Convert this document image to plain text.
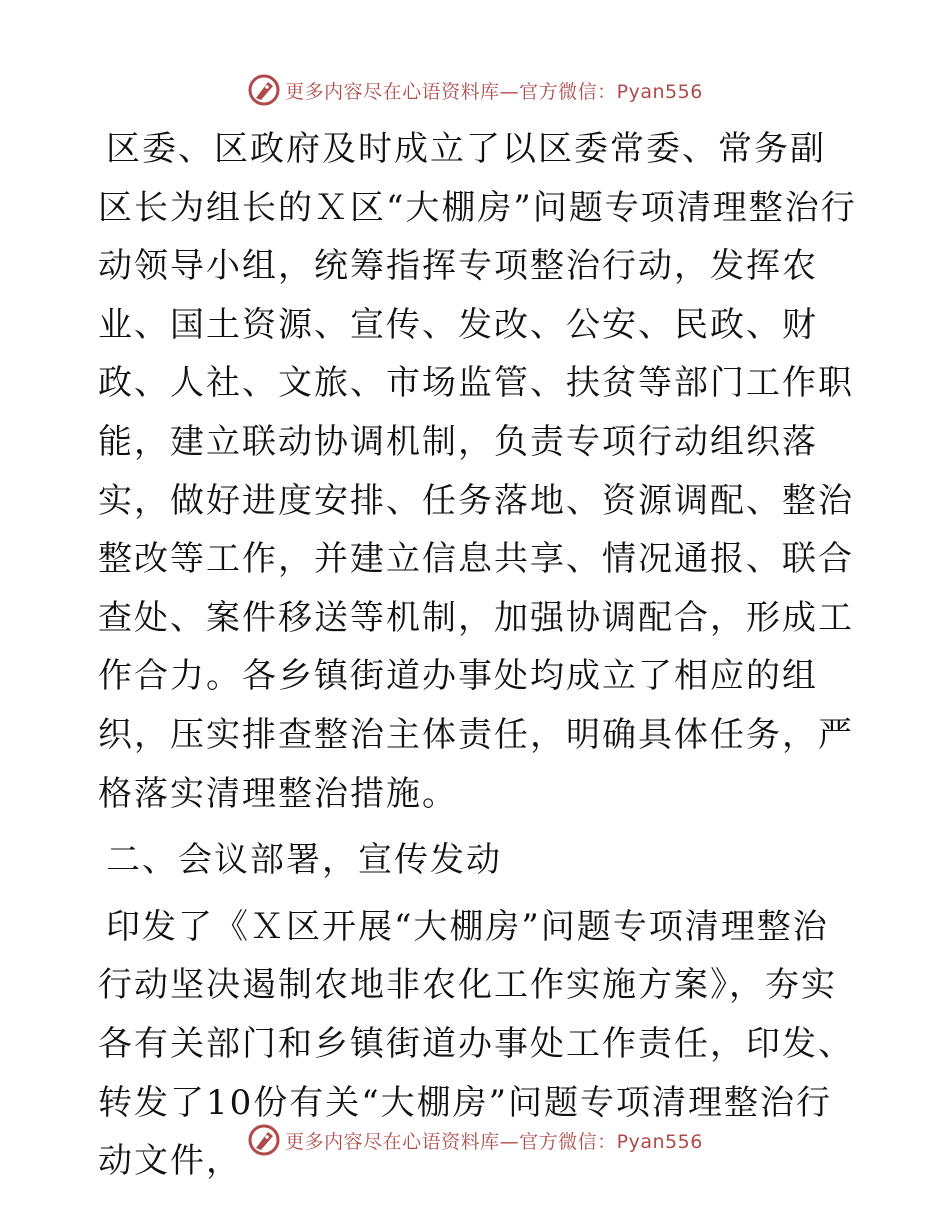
更多内容尽在心语资料库—官方微信：Pyan556

区委、区政府及时成立了以区委常委、常务副区长为组长的Ｘ区“大棚房”问题专项清理整治行动领导小组，统筹指挥专项整治行动，发挥农业、国土资源、宣传、发改、公安、民政、财政、人社、文旅、市场监管、扶贫等部门工作职能，建立联动协调机制，负责专项行动组织落实，做好进度安排、任务落地、资源调配、整治整改等工作，并建立信息共享、情况通报、联合查处、案件移送等机制，加强协调配合，形成工作合力。各乡镇街道办事处均成立了相应的组织，压实排查整治主体责任，明确具体任务，严格落实清理整治措施。

二、会议部署，宣传发动

印发了《Ｘ区开展“大棚房”问题专项清理整治行动坚决遏制农地非农化工作实施方案》，夯实各有关部门和乡镇街道办事处工作责任，印发、转发了10份有关“大棚房”问题专项清理整治行动文件，	更多内容尽在心语资料库—官方微信：Pyan556
